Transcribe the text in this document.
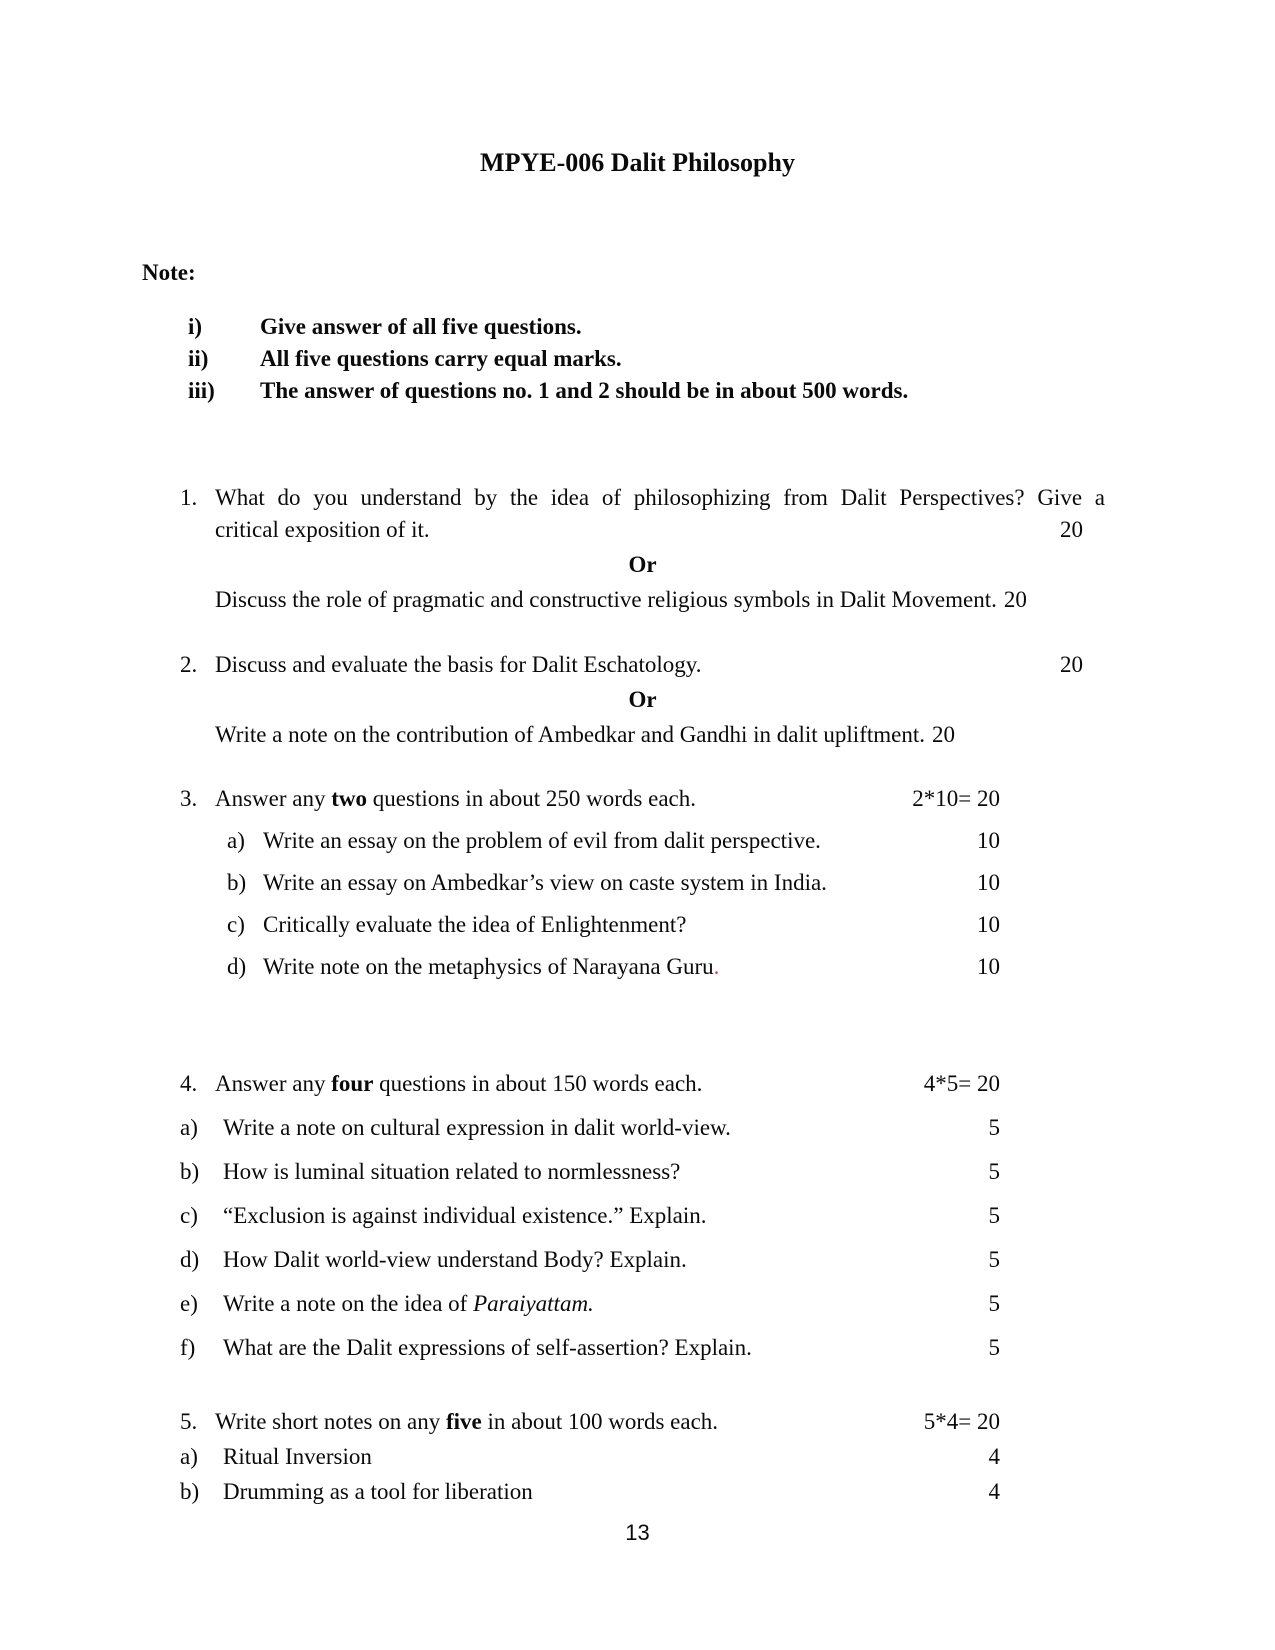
MPYE-006 Dalit Philosophy
Note:
i)	Give answer of all five questions.
ii)	All five questions carry equal marks.
iii)	The answer of questions no. 1 and 2 should be in about 500 words.
1. What do you understand by the idea of philosophizing from Dalit Perspectives? Give a
critical exposition of it.	20
Or
Discuss the role of pragmatic and constructive religious symbols in Dalit Movement. 20
2. Discuss and evaluate the basis for Dalit Eschatology.	20
Or
Write a note on the contribution of Ambedkar and Gandhi in dalit upliftment. 20
3. Answer any two questions in about 250 words each.	2*10= 20
a) Write an essay on the problem of evil from dalit perspective.	10
b) Write an essay on Ambedkar’s view on caste system in India.	10
c) Critically evaluate the idea of Enlightenment?	10
d) Write note on the metaphysics of Narayana Guru.	10
4. Answer any four questions in about 150 words each.	4*5= 20
a)	Write a note on cultural expression in dalit world-view.	5
b)	How is luminal situation related to normlessness?	5
c)	“Exclusion is against individual existence.” Explain.	5
d)	How Dalit world-view understand Body? Explain.	5
e)	Write a note on the idea of Paraiyattam.	5
f)	What are the Dalit expressions of self-assertion? Explain.	5
5. Write short notes on any five in about 100 words each.	5*4= 20
a)	Ritual Inversion	4
b)	Drumming as a tool for liberation	4
13
